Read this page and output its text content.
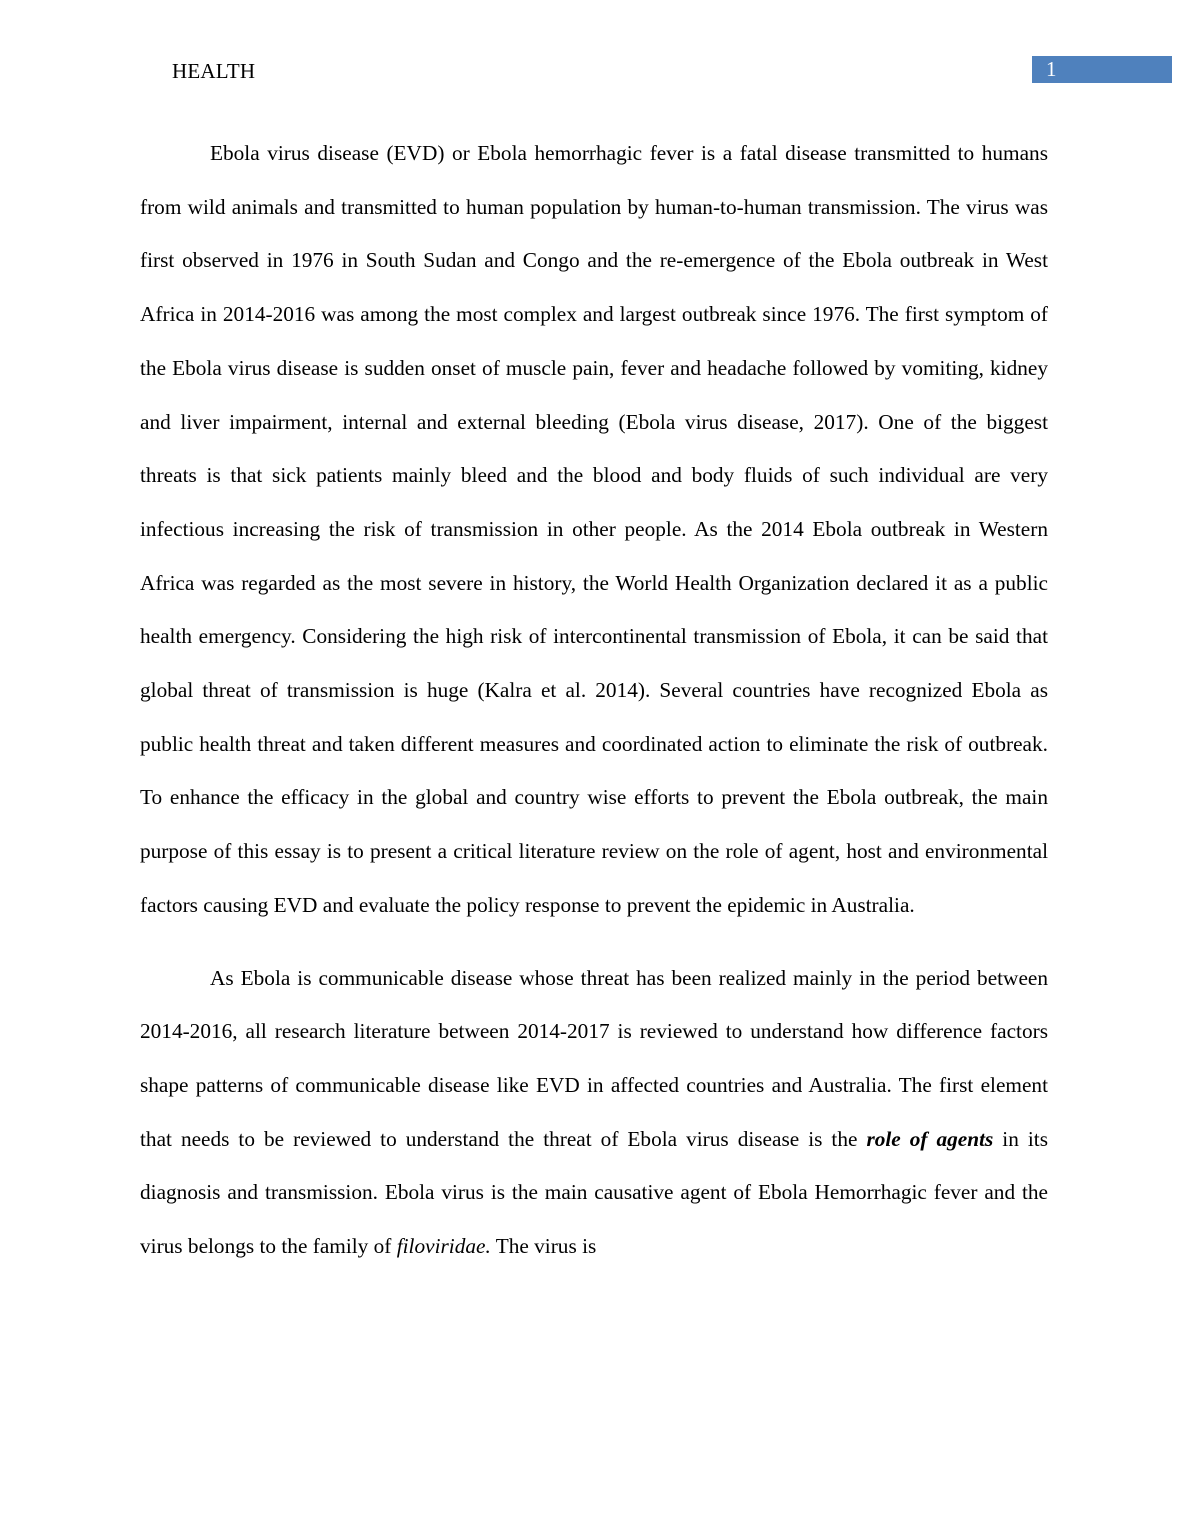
HEALTH	1

Ebola virus disease (EVD) or Ebola hemorrhagic fever is a fatal disease transmitted to humans from wild animals and transmitted to human population by human-to-human transmission. The virus was first observed in 1976 in South Sudan and Congo and the re-emergence of the Ebola outbreak in West Africa in 2014-2016 was among the most complex and largest outbreak since 1976. The first symptom of the Ebola virus disease is sudden onset of muscle pain, fever and headache followed by vomiting, kidney and liver impairment, internal and external bleeding (Ebola virus disease, 2017). One of the biggest threats is that sick patients mainly bleed and the blood and body fluids of such individual are very infectious increasing the risk of transmission in other people. As the 2014 Ebola outbreak in Western Africa was regarded as the most severe in history, the World Health Organization declared it as a public health emergency. Considering the high risk of intercontinental transmission of Ebola, it can be said that global threat of transmission is huge (Kalra et al. 2014). Several countries have recognized Ebola as public health threat and taken different measures and coordinated action to eliminate the risk of outbreak. To enhance the efficacy in the global and country wise efforts to prevent the Ebola outbreak, the main purpose of this essay is to present a critical literature review on the role of agent, host and environmental factors causing EVD and evaluate the policy response to prevent the epidemic in Australia.

As Ebola is communicable disease whose threat has been realized mainly in the period between 2014-2016, all research literature between 2014-2017 is reviewed to understand how difference factors shape patterns of communicable disease like EVD in affected countries and Australia. The first element that needs to be reviewed to understand the threat of Ebola virus disease is the role of agents in its diagnosis and transmission. Ebola virus is the main causative agent of Ebola Hemorrhagic fever and the virus belongs to the family of filoviridae. The virus is
